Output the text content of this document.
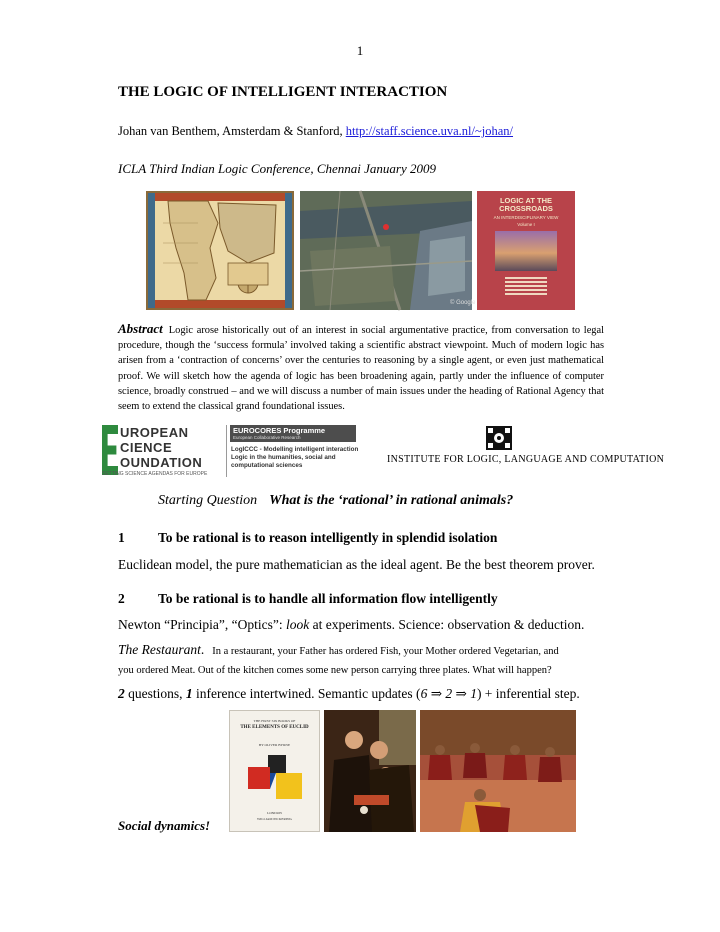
1
THE LOGIC OF INTELLIGENT INTERACTION
Johan van Benthem, Amsterdam & Stanford, http://staff.science.uva.nl/~johan/
ICLA Third Indian Logic Conference, Chennai January 2009
© Google
LOGIC AT THE CROSSROADS
AN INTERDISCIPLINARY VIEW
Volume I
Abstract Logic arose historically out of an interest in social argumentative practice, from conversation to legal procedure, though the ‘success formula’ involved taking a scientific abstract viewpoint. Much of modern logic has arisen from a ‘contraction of concerns’ over the centuries to reasoning by a single agent, or even just mathematical proof. We will sketch how the agenda of logic has been broadening again, partly under the influence of computer science, broadly construed – and we will discuss a number of main issues under the heading of Rational Agency that seem to extend the classical grand foundational issues.
UROPEAN
CIENCE
OUNDATION
SETTING SCIENCE AGENDAS FOR EUROPE
EUROCORES Programme
European Collaborative Research
LogICCC - Modelling intelligent interaction Logic in the humanities, social and computational sciences
INSTITUTE FOR LOGIC, LANGUAGE AND COMPUTATION
Starting Question What is the ‘rational’ in rational animals?
1 To be rational is to reason intelligently in splendid isolation
Euclidean model, the pure mathematician as the ideal agent. Be the best theorem prover.
2 To be rational is to handle all information flow intelligently
Newton “Principia”, “Optics”: look at experiments. Science: observation & deduction.
The Restaurant. In a restaurant, your Father has ordered Fish, your Mother ordered Vegetarian, and
you ordered Meat. Out of the kitchen comes some new person carrying three plates. What will happen?
2 questions, 1 inference intertwined. Semantic updates (6 ⇒ 2 ⇒ 1) + inferential step.
THE FIRST SIX BOOKS OF
THE ELEMENTS OF EUCLID
BY OLIVER BYRNE
LONDON
WILLIAM PICKERING
Social dynamics!
